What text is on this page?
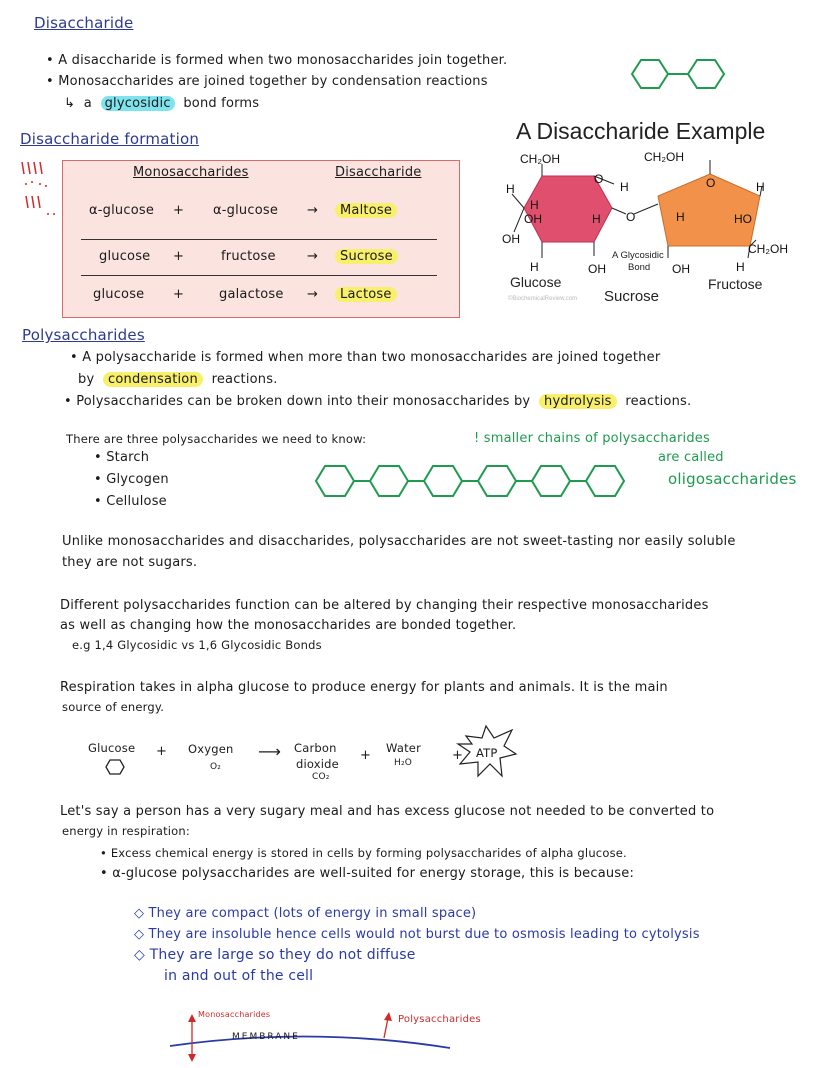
Disaccharide
• A disaccharide is formed when two monosaccharides join together.
• Monosaccharides are joined together by condensation reactions
↳ a glycosidic bond forms
Disaccharide formation
Monosaccharides	Disaccharide
α-glucose + α-glucose →	Maltose
glucose +	fructose →	Sucrose
glucose +	galactose →	Lactose
A Disaccharide Example
CH₂OH	CH₂OH
H
O
H	O	H
H
OH	H O	H	HO
OH
CH₂OH
A Glycosidic
Bond
H	OH	OH	H
Glucose	Fructose
Sucrose
©BiochemicalReview.com
Polysaccharides
• A polysaccharide is formed when more than two monosaccharides are joined together
by condensation reactions.
• Polysaccharides can be broken down into their monosaccharides by hydrolysis reactions.
There are three polysaccharides we need to know:
• Starch
• Glycogen
• Cellulose
! smaller chains of polysaccharides
are called
oligosaccharides
Unlike monosaccharides and disaccharides, polysaccharides are not sweet-tasting nor easily soluble
they are not sugars.
Different polysaccharides function can be altered by changing their respective monosaccharides
as well as changing how the monosaccharides are bonded together.
e.g 1,4 Glycosidic vs 1,6 Glycosidic Bonds
Respiration takes in alpha glucose to produce energy for plants and animals. It is the main
source of energy.
Glucose + Oxygen
O₂
⟶ Carbon
dioxide
CO₂
+ Water
H₂O	+ ATP
Let's say a person has a very sugary meal and has excess glucose not needed to be converted to
energy in respiration:
• Excess chemical energy is stored in cells by forming polysaccharides of alpha glucose.
• α-glucose polysaccharides are well-suited for energy storage, this is because:
◇ They are compact (lots of energy in small space)
◇ They are insoluble hence cells would not burst due to osmosis leading to cytolysis
◇ They are large so they do not diffuse
in and out of the cell
Monosaccharides	Polysaccharides
MEMBRANE
